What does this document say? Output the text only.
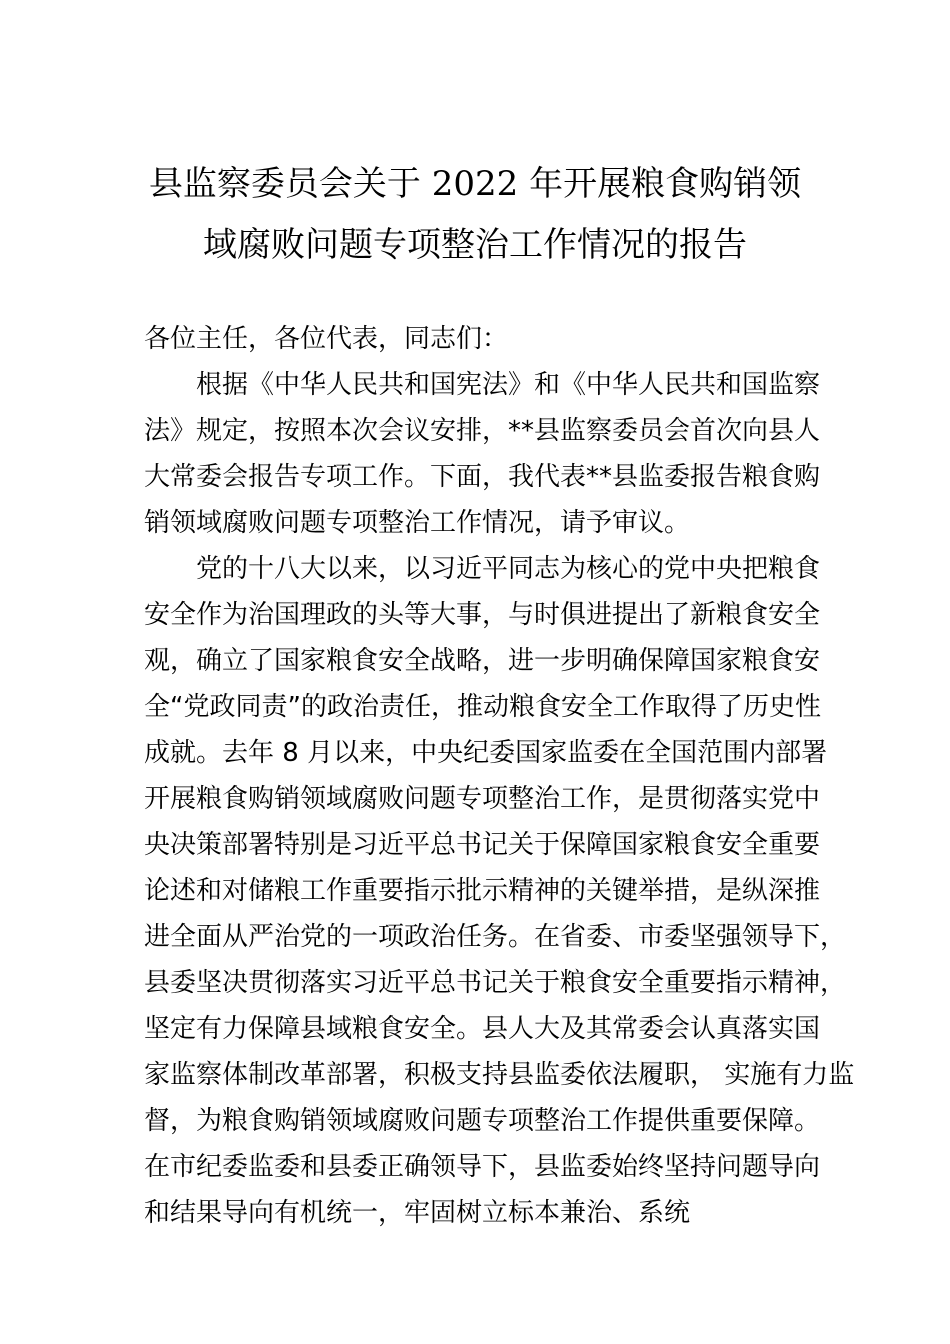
县监察委员会关于 2022 年开展粮食购销领
域腐败问题专项整治工作情况的报告

各位主任，各位代表，同志们：

根据《中华人民共和国宪法》和《中华人民共和国监察

法》规定，按照本次会议安排，**县监察委员会首次向县人

大常委会报告专项工作。下面，我代表**县监委报告粮食购

销领域腐败问题专项整治工作情况，请予审议。

党的十八大以来，以习近平同志为核心的党中央把粮食

安全作为治国理政的头等大事，与时俱进提出了新粮食安全

观，确立了国家粮食安全战略，进一步明确保障国家粮食安

全“党政同责”的政治责任，推动粮食安全工作取得了历史性

成就。去年 8 月以来，中央纪委国家监委在全国范围内部署

开展粮食购销领域腐败问题专项整治工作，是贯彻落实党中

央决策部署特别是习近平总书记关于保障国家粮食安全重要

论述和对储粮工作重要指示批示精神的关键举措，是纵深推

进全面从严治党的一项政治任务。在省委、市委坚强领导下，

县委坚决贯彻落实习近平总书记关于粮食安全重要指示精神，

坚定有力保障县域粮食安全。县人大及其常委会认真落实国

家监察体制改革部署，积极支持县监委依法履职， 实施有力监

督，为粮食购销领域腐败问题专项整治工作提供重要保障。

在市纪委监委和县委正确领导下，县监委始终坚持问题导向

和结果导向有机统一，牢固树立标本兼治、系统
